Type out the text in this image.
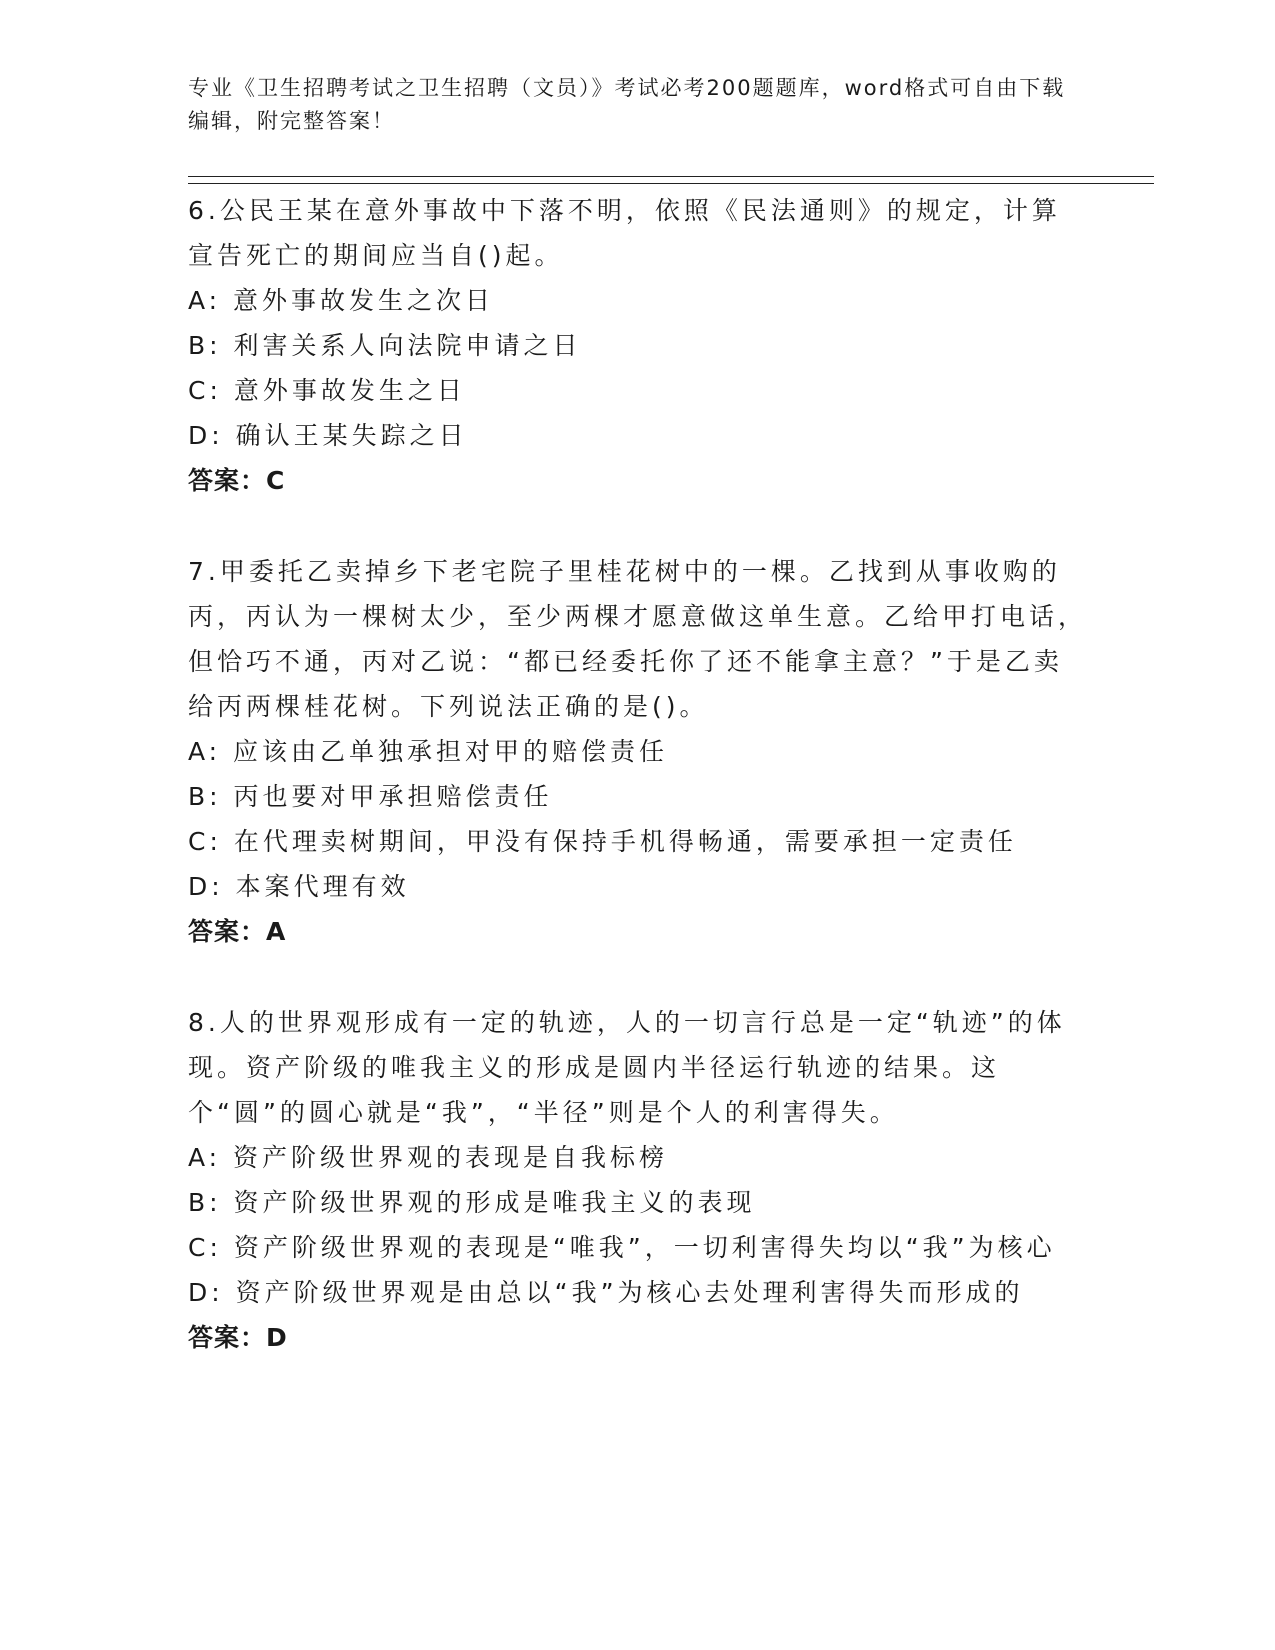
专业《卫生招聘考试之卫生招聘（文员）》考试必考200题题库，word格式可自由下载编辑，附完整答案！

6.公民王某在意外事故中下落不明，依照《民法通则》的规定，计算宣告死亡的期间应当自()起。

A: 意外事故发生之次日
B: 利害关系人向法院申请之日
C: 意外事故发生之日
D: 确认王某失踪之日
答案：C

7.甲委托乙卖掉乡下老宅院子里桂花树中的一棵。乙找到从事收购的丙，丙认为一棵树太少，至少两棵才愿意做这单生意。乙给甲打电话，但恰巧不通，丙对乙说：“都已经委托你了还不能拿主意？”于是乙卖给丙两棵桂花树。下列说法正确的是()。

A: 应该由乙单独承担对甲的赔偿责任
B: 丙也要对甲承担赔偿责任
C: 在代理卖树期间，甲没有保持手机得畅通，需要承担一定责任
D: 本案代理有效
答案：A

8.人的世界观形成有一定的轨迹，人的一切言行总是一定“轨迹”的体现。资产阶级的唯我主义的形成是圆内半径运行轨迹的结果。这个“圆”的圆心就是“我”，“半径”则是个人的利害得失。

A: 资产阶级世界观的表现是自我标榜
B: 资产阶级世界观的形成是唯我主义的表现
C: 资产阶级世界观的表现是“唯我”，一切利害得失均以“我”为核心
D: 资产阶级世界观是由总以“我”为核心去处理利害得失而形成的
答案：D
